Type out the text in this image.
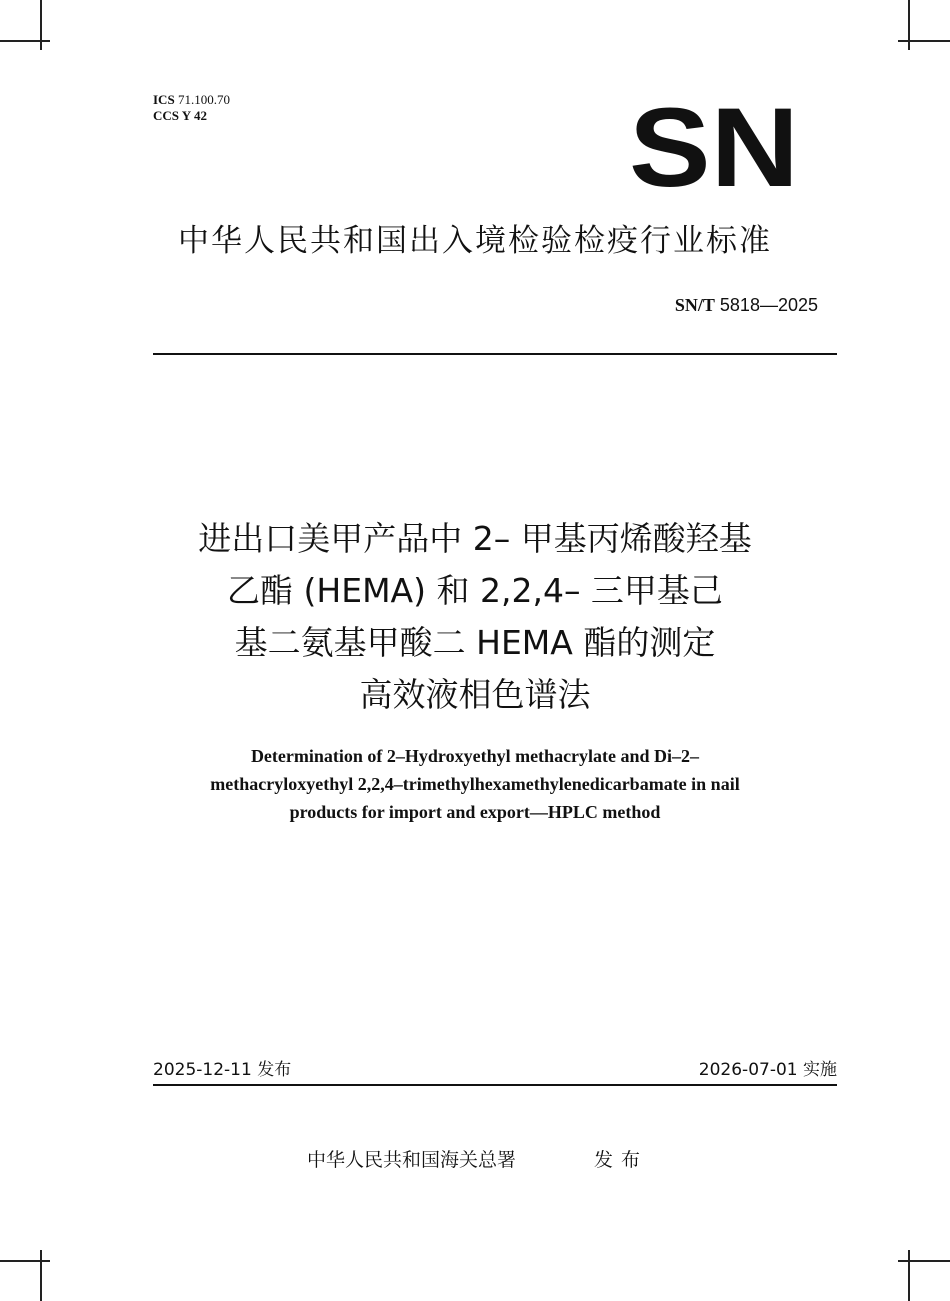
ICS 71.100.70
CCS Y 42	SN
中华人民共和国出入境检验检疫行业标准
SN/T 5818—2025
进出口美甲产品中 2– 甲基丙烯酸羟基
乙酯 (HEMA) 和 2,2,4– 三甲基己
基二氨基甲酸二 HEMA 酯的测定
高效液相色谱法
Determination of 2–Hydroxyethyl methacrylate and Di–2–
methacryloxyethyl 2,2,4–trimethylhexamethylenedicarbamate in nail
products for import and export—HPLC method
2025-12-11 发布	2026-07-01 实施
中华人民共和国海关总署	发布
